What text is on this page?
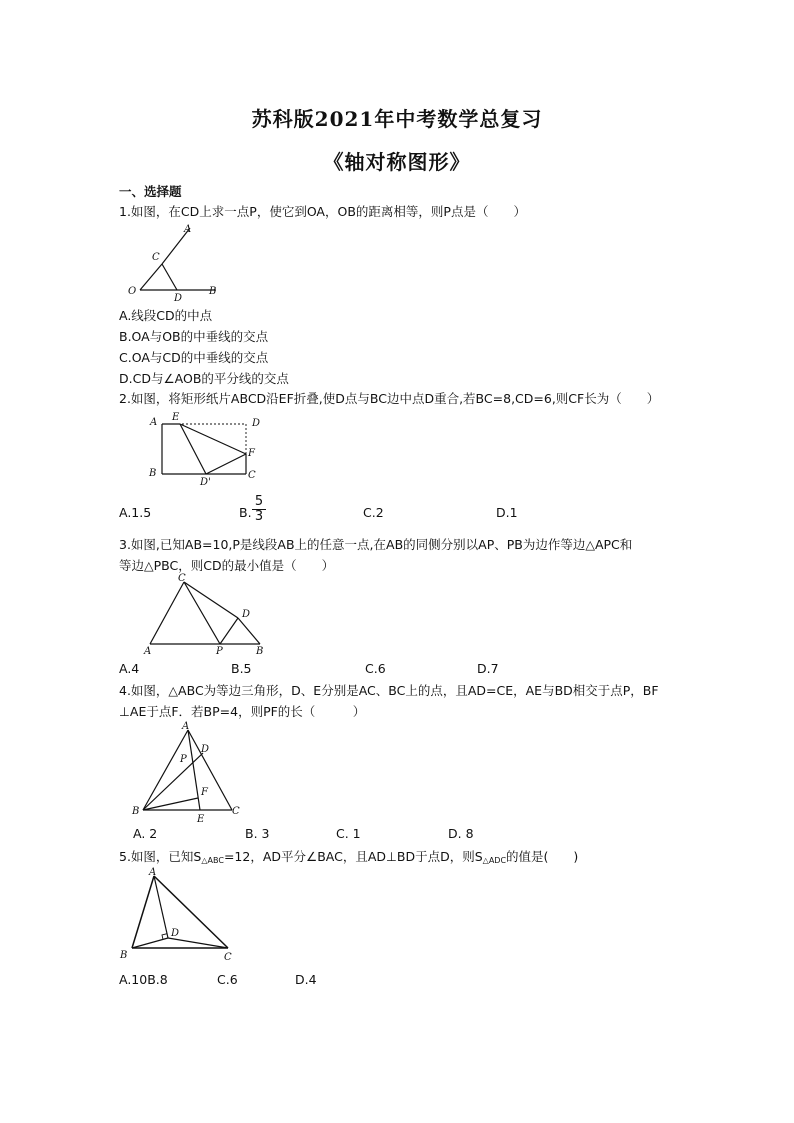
苏科版2021年中考数学总复习
《轴对称图形》
一、选择题
1.如图，在CD上求一点P，使它到OA，OB的距离相等，则P点是（　　）
A
C
O
D
B
A.线段CD的中点
B.OA与OB的中垂线的交点
C.OA与CD的中垂线的交点
D.CD与∠AOB的平分线的交点
2.如图，将矩形纸片ABCD沿EF折叠,使D点与BC边中点D重合,若BC=8,CD=6,则CF长为（　　）
A E
D
F
B
D'
C
A.1.5	B. $\frac{5}{3}$	C.2	D.1
3.如图,已知AB=10,P是线段AB上的任意一点,在AB的同侧分别以AP、PB为边作等边△APC和
等边△PBC，则CD的最小值是（　　）
C
D
A	P	B
A.4	B.5	C.6	D.7
4.如图，△ABC为等边三角形，D、E分别是AC、BC上的点，且AD=CE，AE与BD相交于点P，BF
⊥AE于点F．若BP=4，则PF的长（　　　）
A
D
P
F
B
E
C
A. 2	B. 3	C. 1	D. 8
5.如图，已知$S_{\triangle ABC}=12$，AD平分∠BAC，且AD⊥BD于点D，则$S_{\triangle ADC}$的值是(　　)
A
D
B	C
A.10B.8	C.6	D.4
